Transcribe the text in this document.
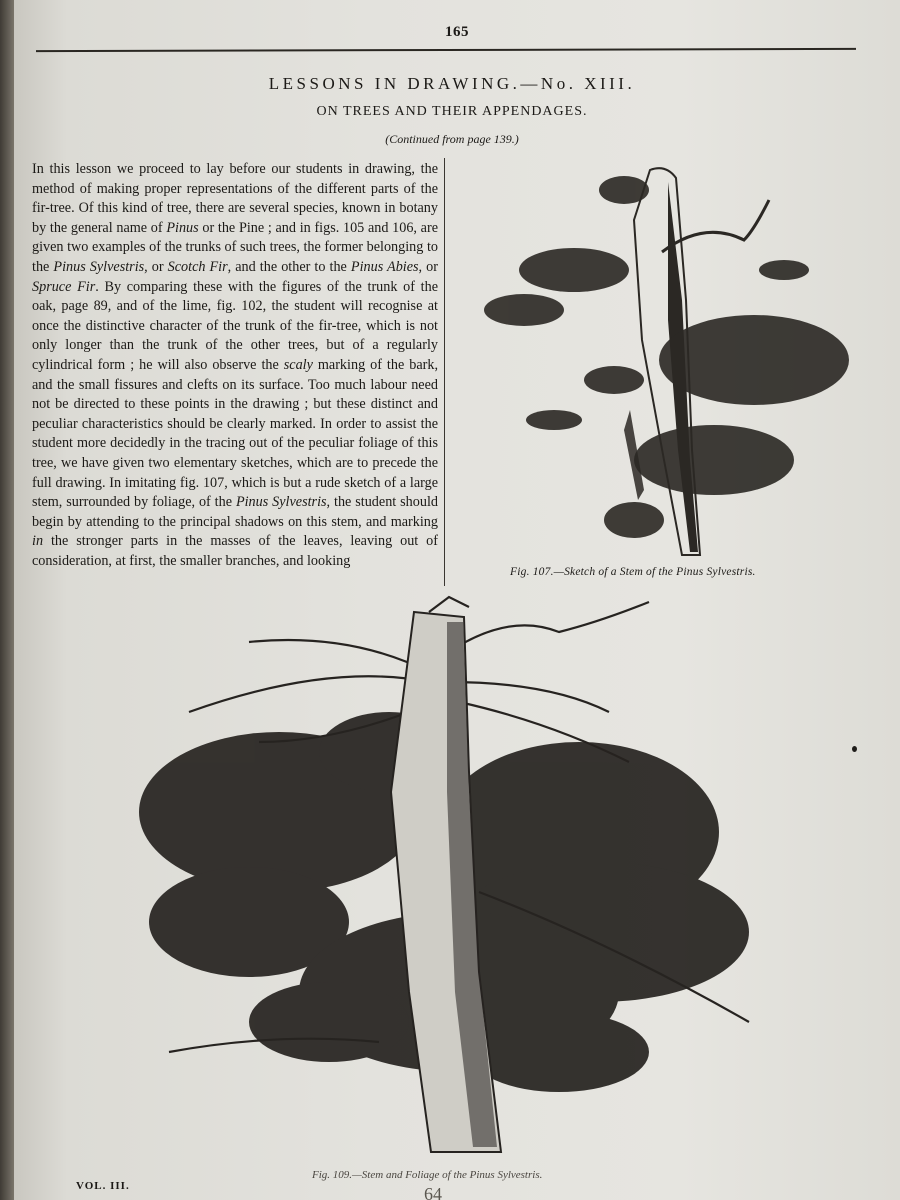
165
LESSONS IN DRAWING.—No. XIII.
ON TREES AND THEIR APPENDAGES.
(Continued from page 139.)
In this lesson we proceed to lay before our students in drawing, the method of making proper representations of the different parts of the fir-tree. Of this kind of tree, there are several species, known in botany by the general name of Pinus or the Pine ; and in figs. 105 and 106, are given two examples of the trunks of such trees, the former belonging to the Pinus Sylvestris, or Scotch Fir, and the other to the Pinus Abies, or Spruce Fir. By comparing these with the figures of the trunk of the oak, page 89, and of the lime, fig. 102, the student will recognise at once the distinctive character of the trunk of the fir-tree, which is not only longer than the trunk of the other trees, but of a regularly cylindrical form ; he will also observe the scaly marking of the bark, and the small fissures and clefts on its surface. Too much labour need not be directed to these points in the drawing ; but these distinct and peculiar characteristics should be clearly marked. In order to assist the student more decidedly in the tracing out of the peculiar foliage of this tree, we have given two elementary sketches, which are to precede the full drawing. In imitating fig. 107, which is but a rude sketch of a large stem, surrounded by foliage, of the Pinus Sylvestris, the student should begin by attending to the principal shadows on this stem, and marking in the stronger parts in the masses of the leaves, leaving out of consideration, at first, the smaller branches, and looking
Fig. 107.—Sketch of a Stem of the Pinus Sylvestris.
Fig. 109.—Stem and Foliage of the Pinus Sylvestris.
VOL. III.	64
